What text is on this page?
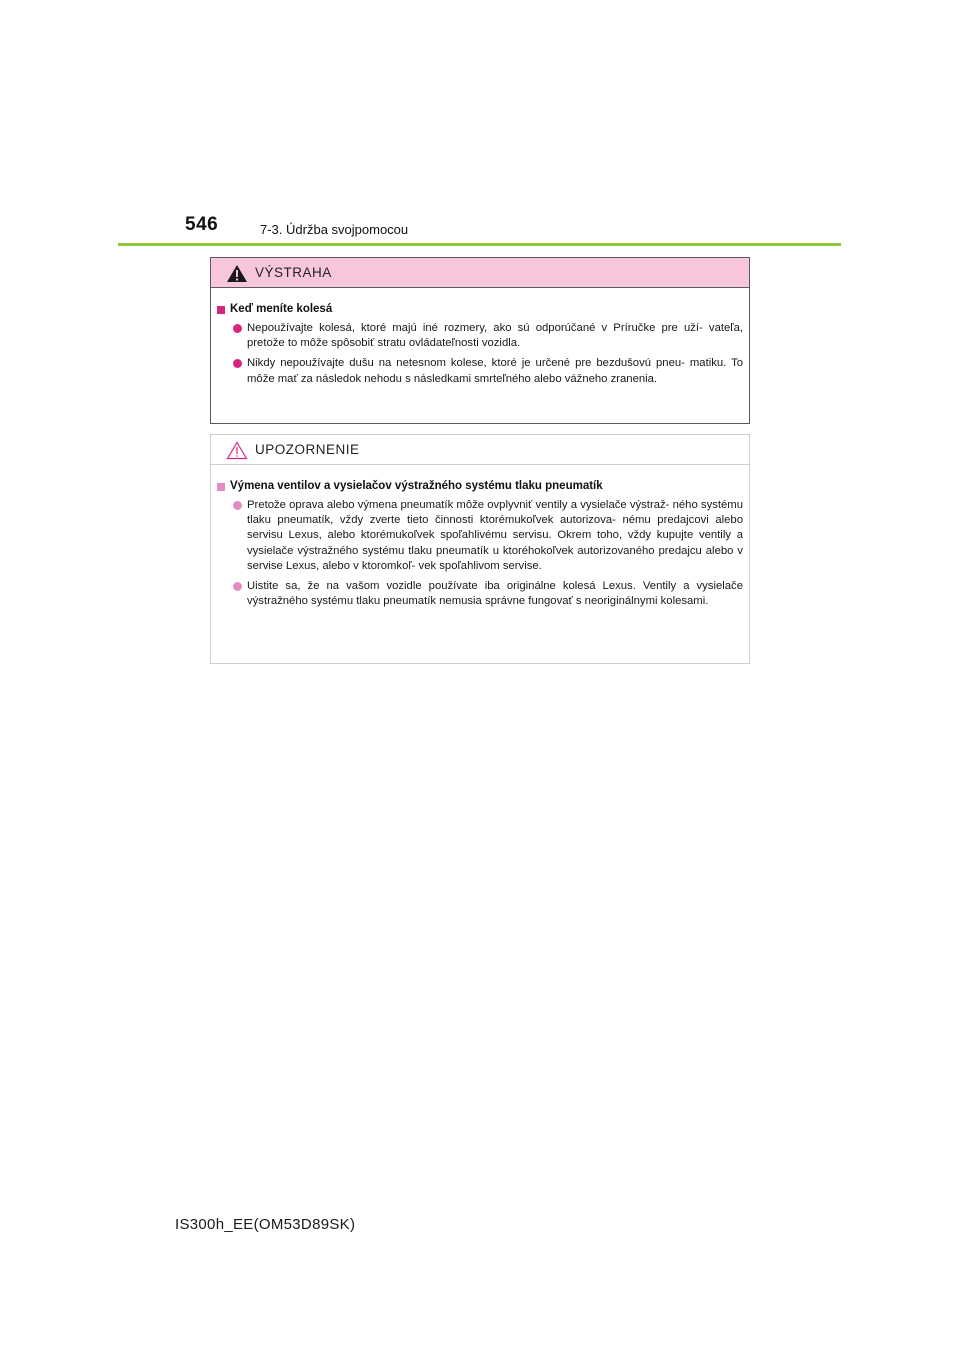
546	7-3. Údržba svojpomocou
VÝSTRAHA
Keď meníte kolesá
Nepoužívajte kolesá, ktoré majú iné rozmery, ako sú odporúčané v Príručke pre uží- vateľa, pretože to môže spôsobiť stratu ovládateľnosti vozidla.
Nikdy nepoužívajte dušu na netesnom kolese, ktoré je určené pre bezdušovú pneu- matiku. To môže mať za následok nehodu s následkami smrteľného alebo vážneho zranenia.
UPOZORNENIE
Výmena ventilov a vysielačov výstražného systému tlaku pneumatík
Pretože oprava alebo výmena pneumatík môže ovplyvniť ventily a vysielače výstraž- ného systému tlaku pneumatík, vždy zverte tieto činnosti ktorémukoľvek autorizova- nému predajcovi alebo servisu Lexus, alebo ktorémukoľvek spoľahlivému servisu. Okrem toho, vždy kupujte ventily a vysielače výstražného systému tlaku pneumatík u ktoréhokoľvek autorizovaného predajcu alebo v servise Lexus, alebo v ktoromkoľ- vek spoľahlivom servise.
Uistite sa, že na vašom vozidle používate iba originálne kolesá Lexus. Ventily a vysielače výstražného systému tlaku pneumatík nemusia správne fungovať s neoriginálnymi kolesami.
IS300h_EE(OM53D89SK)
